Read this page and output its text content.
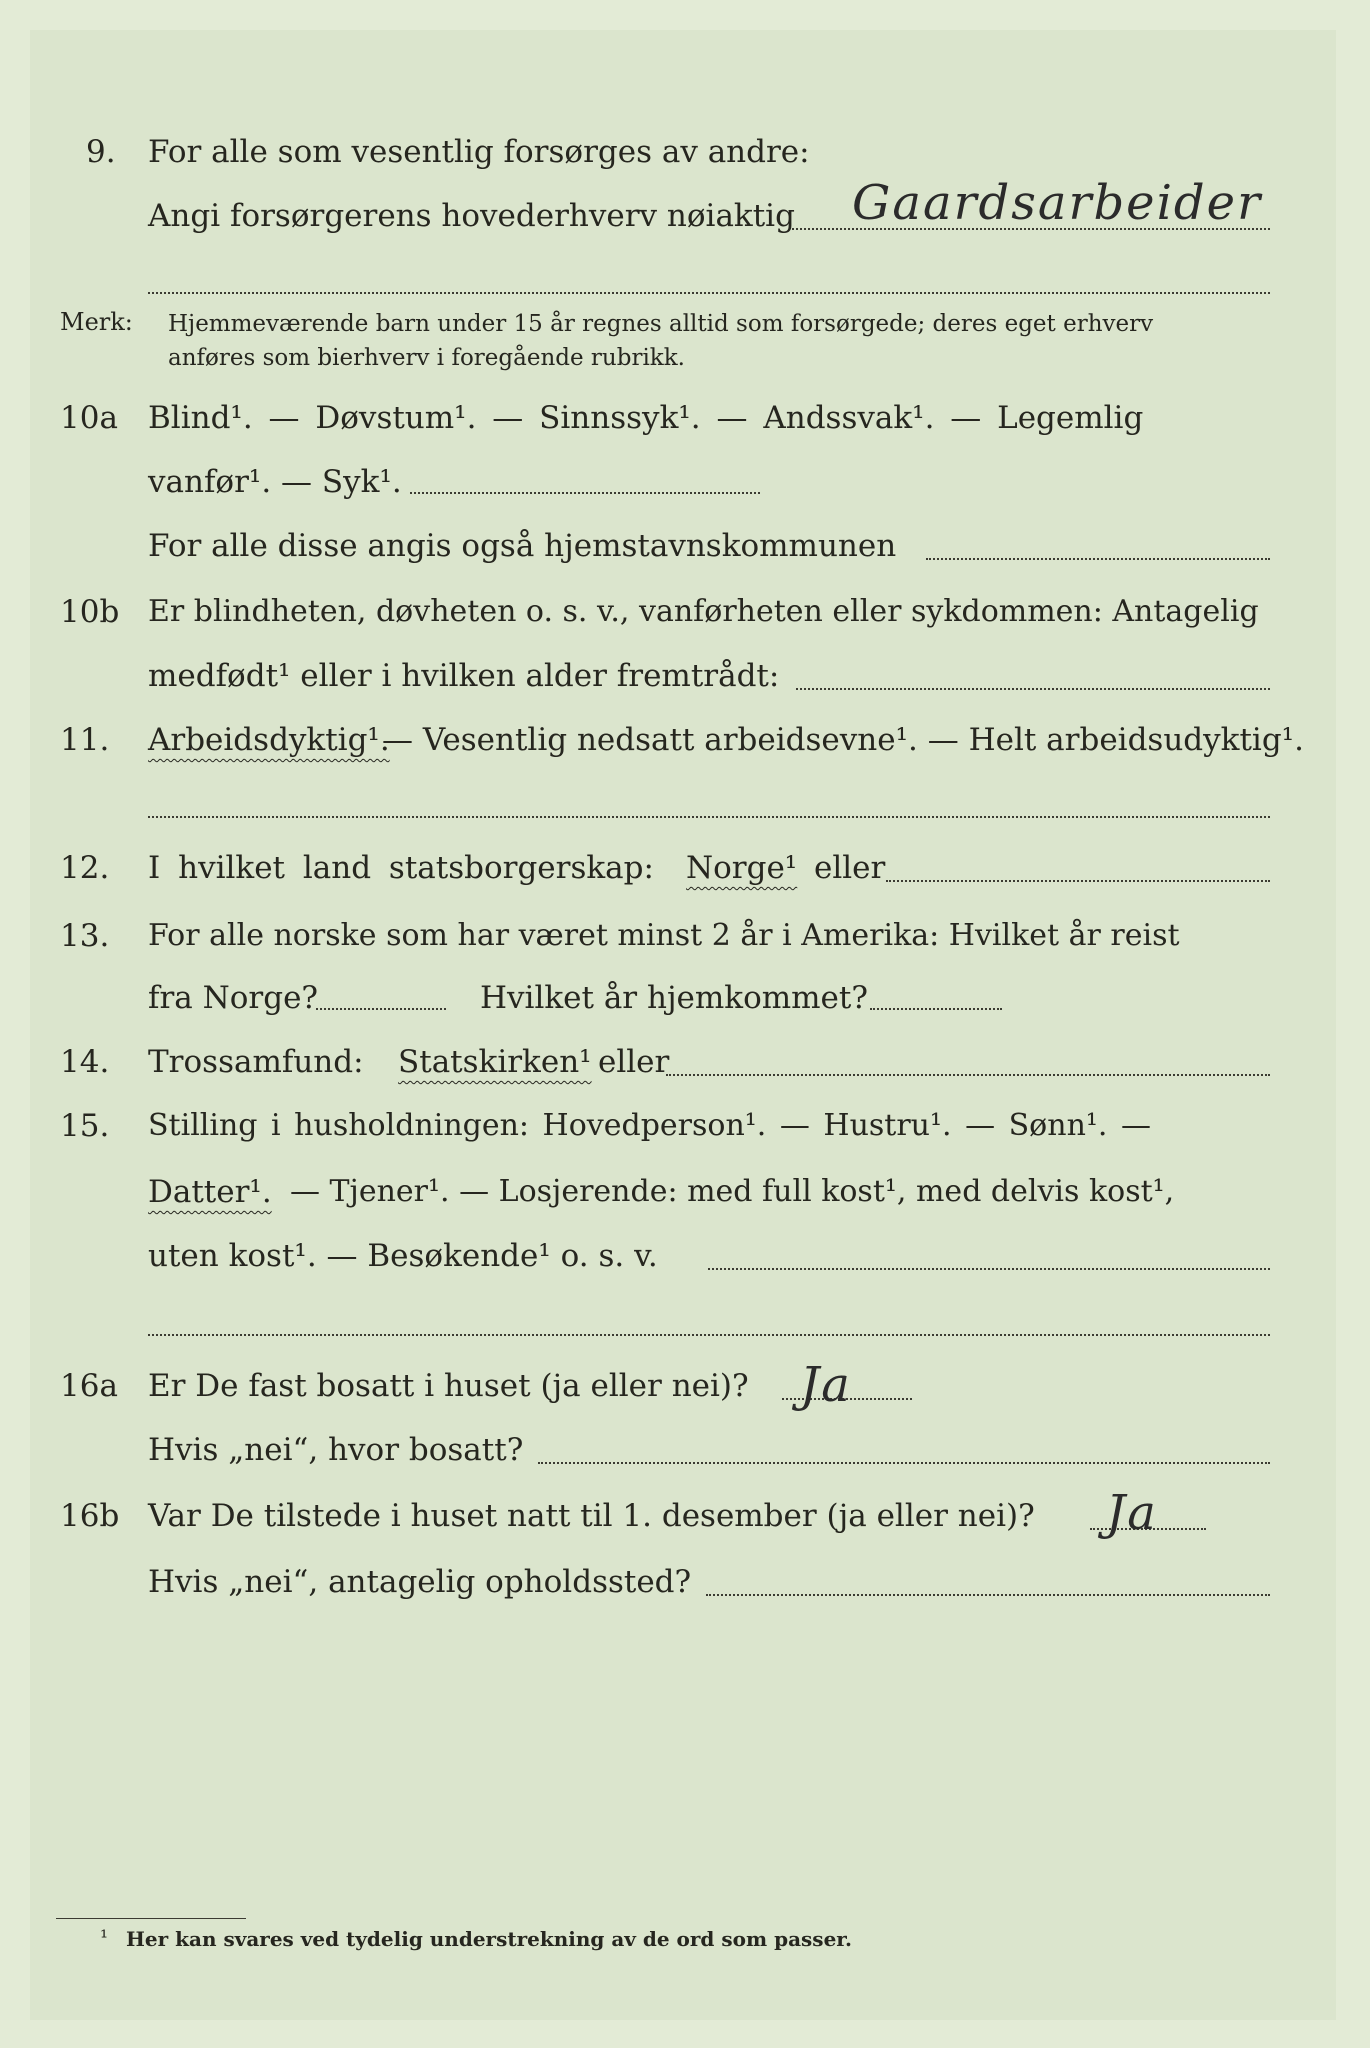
9. For alle som vesentlig forsørges av andre:
Angi forsørgerens hovederhverv nøiaktig Gaardsarbeider
Merk: Hjemmeværende barn under 15 år regnes alltid som forsørgede; deres eget erhverv
anføres som bierhverv i foregående rubrikk.
10a Blind¹. — Døvstum¹. — Sinnssyk¹. — Andssvak¹. — Legemlig
vanfør¹. — Syk¹.
For alle disse angis også hjemstavnskommunen
10b Er blindheten, døvheten o. s. v., vanførheten eller sykdommen: Antagelig
medfødt¹ eller i hvilken alder fremtrådt:
11. Arbeidsdyktig¹.
— Vesentlig nedsatt arbeidsevne¹. — Helt arbeidsudyktig¹.
12. I hvilket land statsborgerskap: Norge¹ eller
13. For alle norske som har været minst 2 år i Amerika: Hvilket år reist
fra Norge?	Hvilket år hjemkommet?
14. Trossamfund: Statskirken¹ eller
15. Stilling i husholdningen: Hovedperson¹. — Hustru¹. — Sønn¹. —
Datter¹. — Tjener¹. — Losjerende: med full kost¹, med delvis kost¹,
uten kost¹. — Besøkende¹ o. s. v.
16a Er De fast bosatt i huset (ja eller nei)? Ja
Hvis „nei“, hvor bosatt?
16b Var De tilstede i huset natt til 1. desember (ja eller nei)? Ja
Hvis „nei“, antagelig opholdssted?
¹ Her kan svares ved tydelig understrekning av de ord som passer.
